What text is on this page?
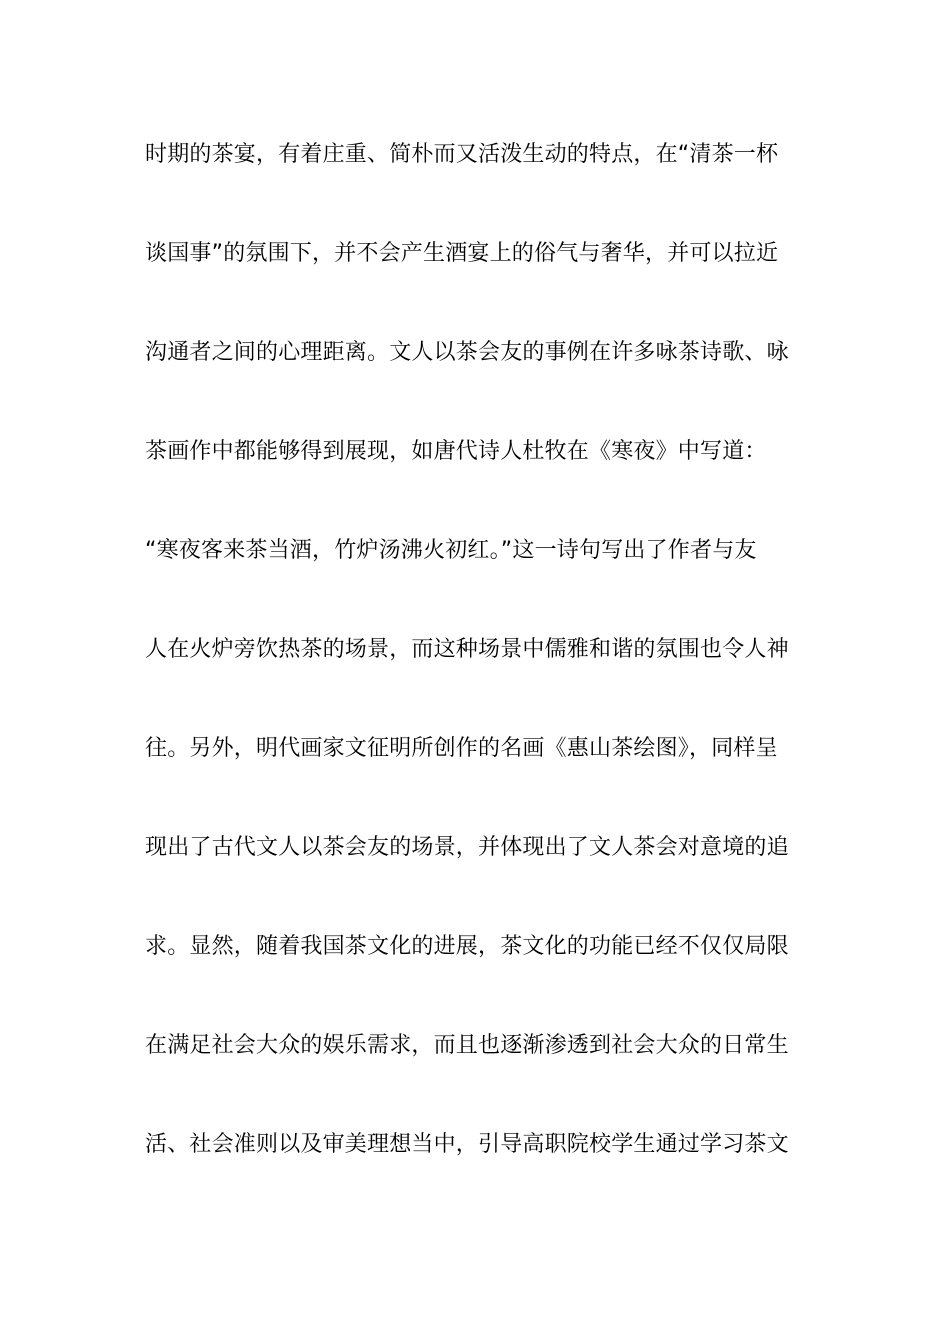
时期的茶宴，有着庄重、简朴而又活泼生动的特点，在“清茶一杯
谈国事”的氛围下，并不会产生酒宴上的俗气与奢华，并可以拉近
沟通者之间的心理距离。文人以茶会友的事例在许多咏茶诗歌、咏
茶画作中都能够得到展现，如唐代诗人杜牧在《寒夜》中写道：
“寒夜客来茶当酒，竹炉汤沸火初红。”这一诗句写出了作者与友
人在火炉旁饮热茶的场景，而这种场景中儒雅和谐的氛围也令人神
往。另外，明代画家文征明所创作的名画《惠山茶绘图》，同样呈
现出了古代文人以茶会友的场景，并体现出了文人茶会对意境的追
求。显然，随着我国茶文化的进展，茶文化的功能已经不仅仅局限
在满足社会大众的娱乐需求，而且也逐渐渗透到社会大众的日常生
活、社会准则以及审美理想当中，引导高职院校学生通过学习茶文
